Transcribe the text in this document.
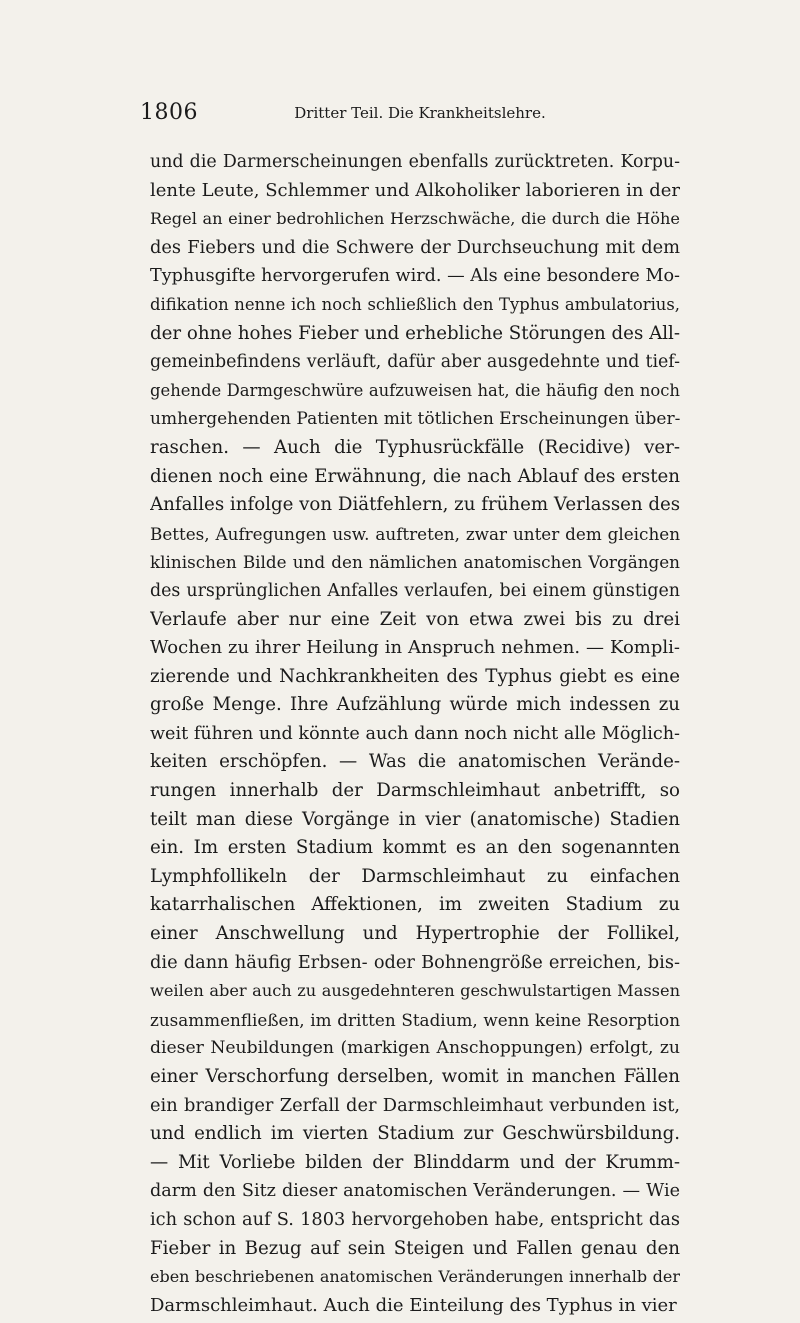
1806	Dritter Teil. Die Krankheitslehre.
und die Darmerscheinungen ebenfalls zurücktreten. Korpu-
lente Leute, Schlemmer und Alkoholiker laborieren in der
Regel an einer bedrohlichen Herzschwäche, die durch die Höhe
des Fiebers und die Schwere der Durchseuchung mit dem
Typhusgifte hervorgerufen wird. — Als eine besondere Mo-
difikation nenne ich noch schließlich den Typhus ambulatorius,
der ohne hohes Fieber und erhebliche Störungen des All-
gemeinbefindens verläuft, dafür aber ausgedehnte und tief-
gehende Darmgeschwüre aufzuweisen hat, die häufig den noch
umhergehenden Patienten mit tötlichen Erscheinungen über-
raschen. — Auch die Typhusrückfälle (Recidive) ver-
dienen noch eine Erwähnung, die nach Ablauf des ersten
Anfalles infolge von Diätfehlern, zu frühem Verlassen des
Bettes, Aufregungen usw. auftreten, zwar unter dem gleichen
klinischen Bilde und den nämlichen anatomischen Vorgängen
des ursprünglichen Anfalles verlaufen, bei einem günstigen
Verlaufe aber nur eine Zeit von etwa zwei bis zu drei
Wochen zu ihrer Heilung in Anspruch nehmen. — Kompli-
zierende und Nachkrankheiten des Typhus giebt es eine
große Menge. Ihre Aufzählung würde mich indessen zu
weit führen und könnte auch dann noch nicht alle Möglich-
keiten erschöpfen. — Was die anatomischen Verände-
rungen innerhalb der Darmschleimhaut anbetrifft, so
teilt man diese Vorgänge in vier (anatomische) Stadien
ein. Im ersten Stadium kommt es an den sogenannten
Lymphfollikeln der Darmschleimhaut zu einfachen
katarrhalischen Affektionen, im zweiten Stadium zu
einer Anschwellung und Hypertrophie der Follikel,
die dann häufig Erbsen- oder Bohnengröße erreichen, bis-
weilen aber auch zu ausgedehnteren geschwulstartigen Massen
zusammenfließen, im dritten Stadium, wenn keine Resorption
dieser Neubildungen (markigen Anschoppungen) erfolgt, zu
einer Verschorfung derselben, womit in manchen Fällen
ein brandiger Zerfall der Darmschleimhaut verbunden ist,
und endlich im vierten Stadium zur Geschwürsbildung.
— Mit Vorliebe bilden der Blinddarm und der Krumm-
darm den Sitz dieser anatomischen Veränderungen. — Wie
ich schon auf S. 1803 hervorgehoben habe, entspricht das
Fieber in Bezug auf sein Steigen und Fallen genau den
eben beschriebenen anatomischen Veränderungen innerhalb der
Darmschleimhaut. Auch die Einteilung des Typhus in vier
